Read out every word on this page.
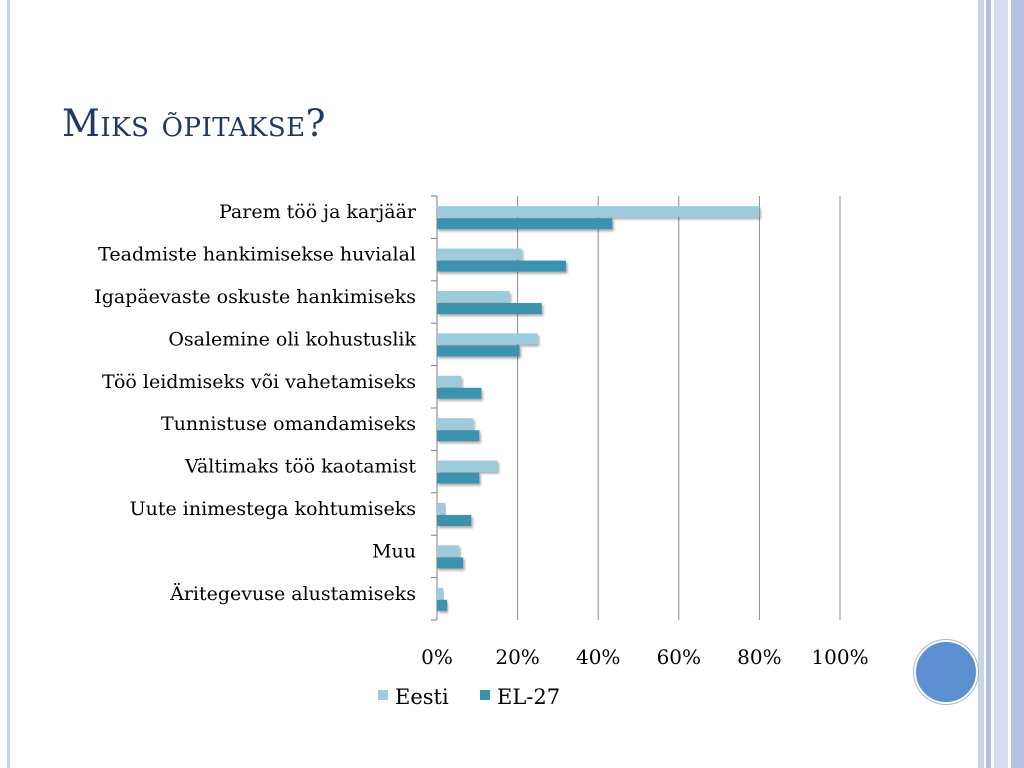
Miks õpitakse?
Parem töö ja karjäär
Teadmiste hankimisekse huvialal
Igapäevaste oskuste hankimiseks
Osalemine oli kohustuslik
Töö leidmiseks või vahetamiseks
Tunnistuse omandamiseks
Vältimaks töö kaotamist
Uute inimestega kohtumiseks
Muu
Äritegevuse alustamiseks
0% 20% 40% 60% 80% 100%
Eesti EL-27
